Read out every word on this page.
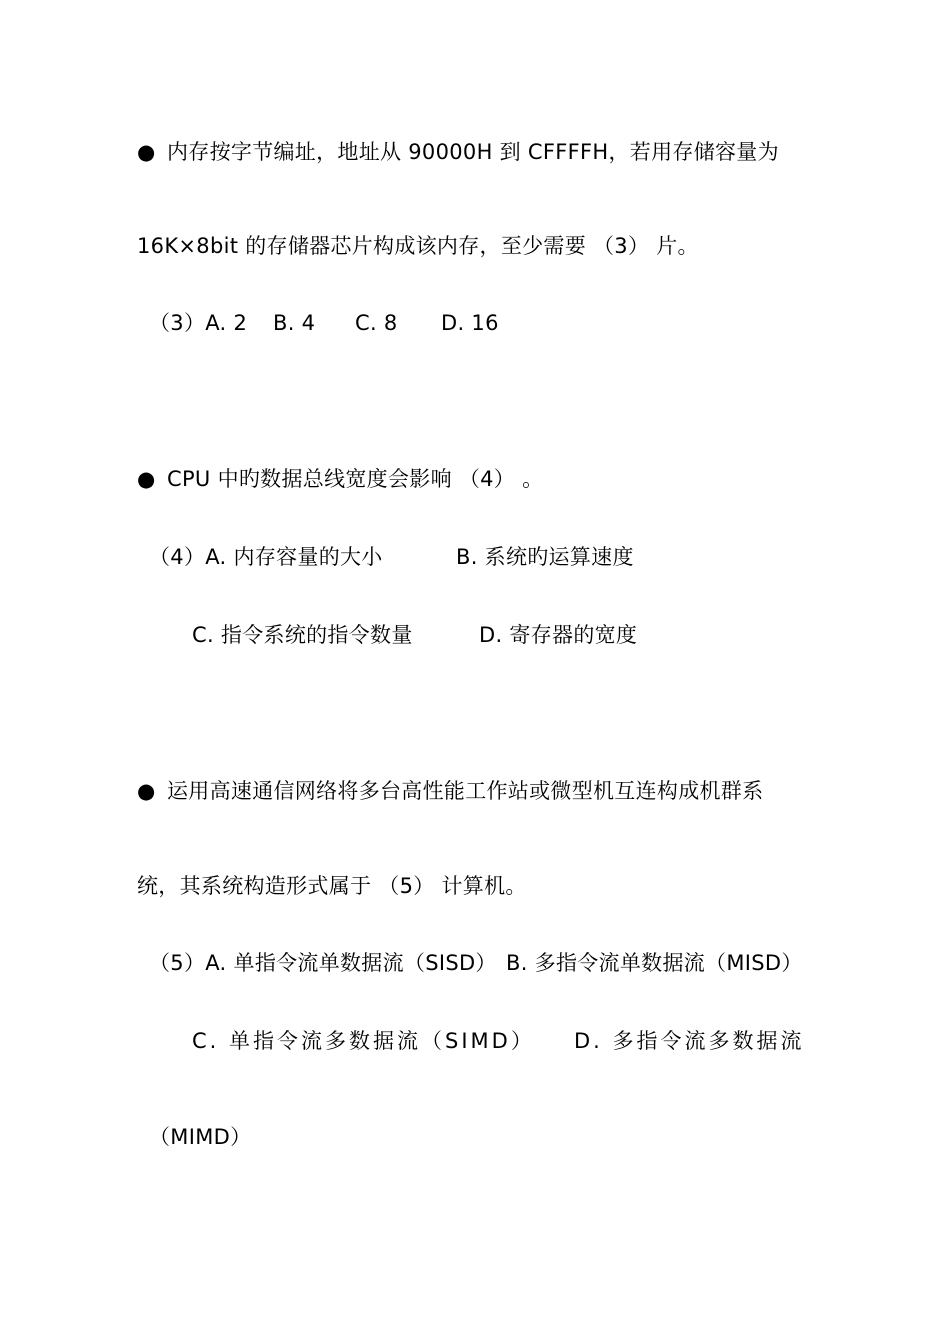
● 内存按字节编址，地址从 90000H 到 CFFFFH，若用存储容量为
16K×8bit 的存储器芯片构成该内存，至少需要 （3） 片。
（3）A. 2 B. 4 C. 8 D. 16
● CPU 中旳数据总线宽度会影响 （4） 。
（4）A. 内存容量的大小	B. 系统旳运算速度
C. 指令系统的指令数量	D. 寄存器的宽度
● 运用高速通信网络将多台高性能工作站或微型机互连构成机群系
统，其系统构造形式属于 （5） 计算机。
（5）A. 单指令流单数据流（SISD） B. 多指令流单数据流（MISD）
C. 单指令流多数据流（SIMD） D. 多指令流多数据流
（MIMD）
